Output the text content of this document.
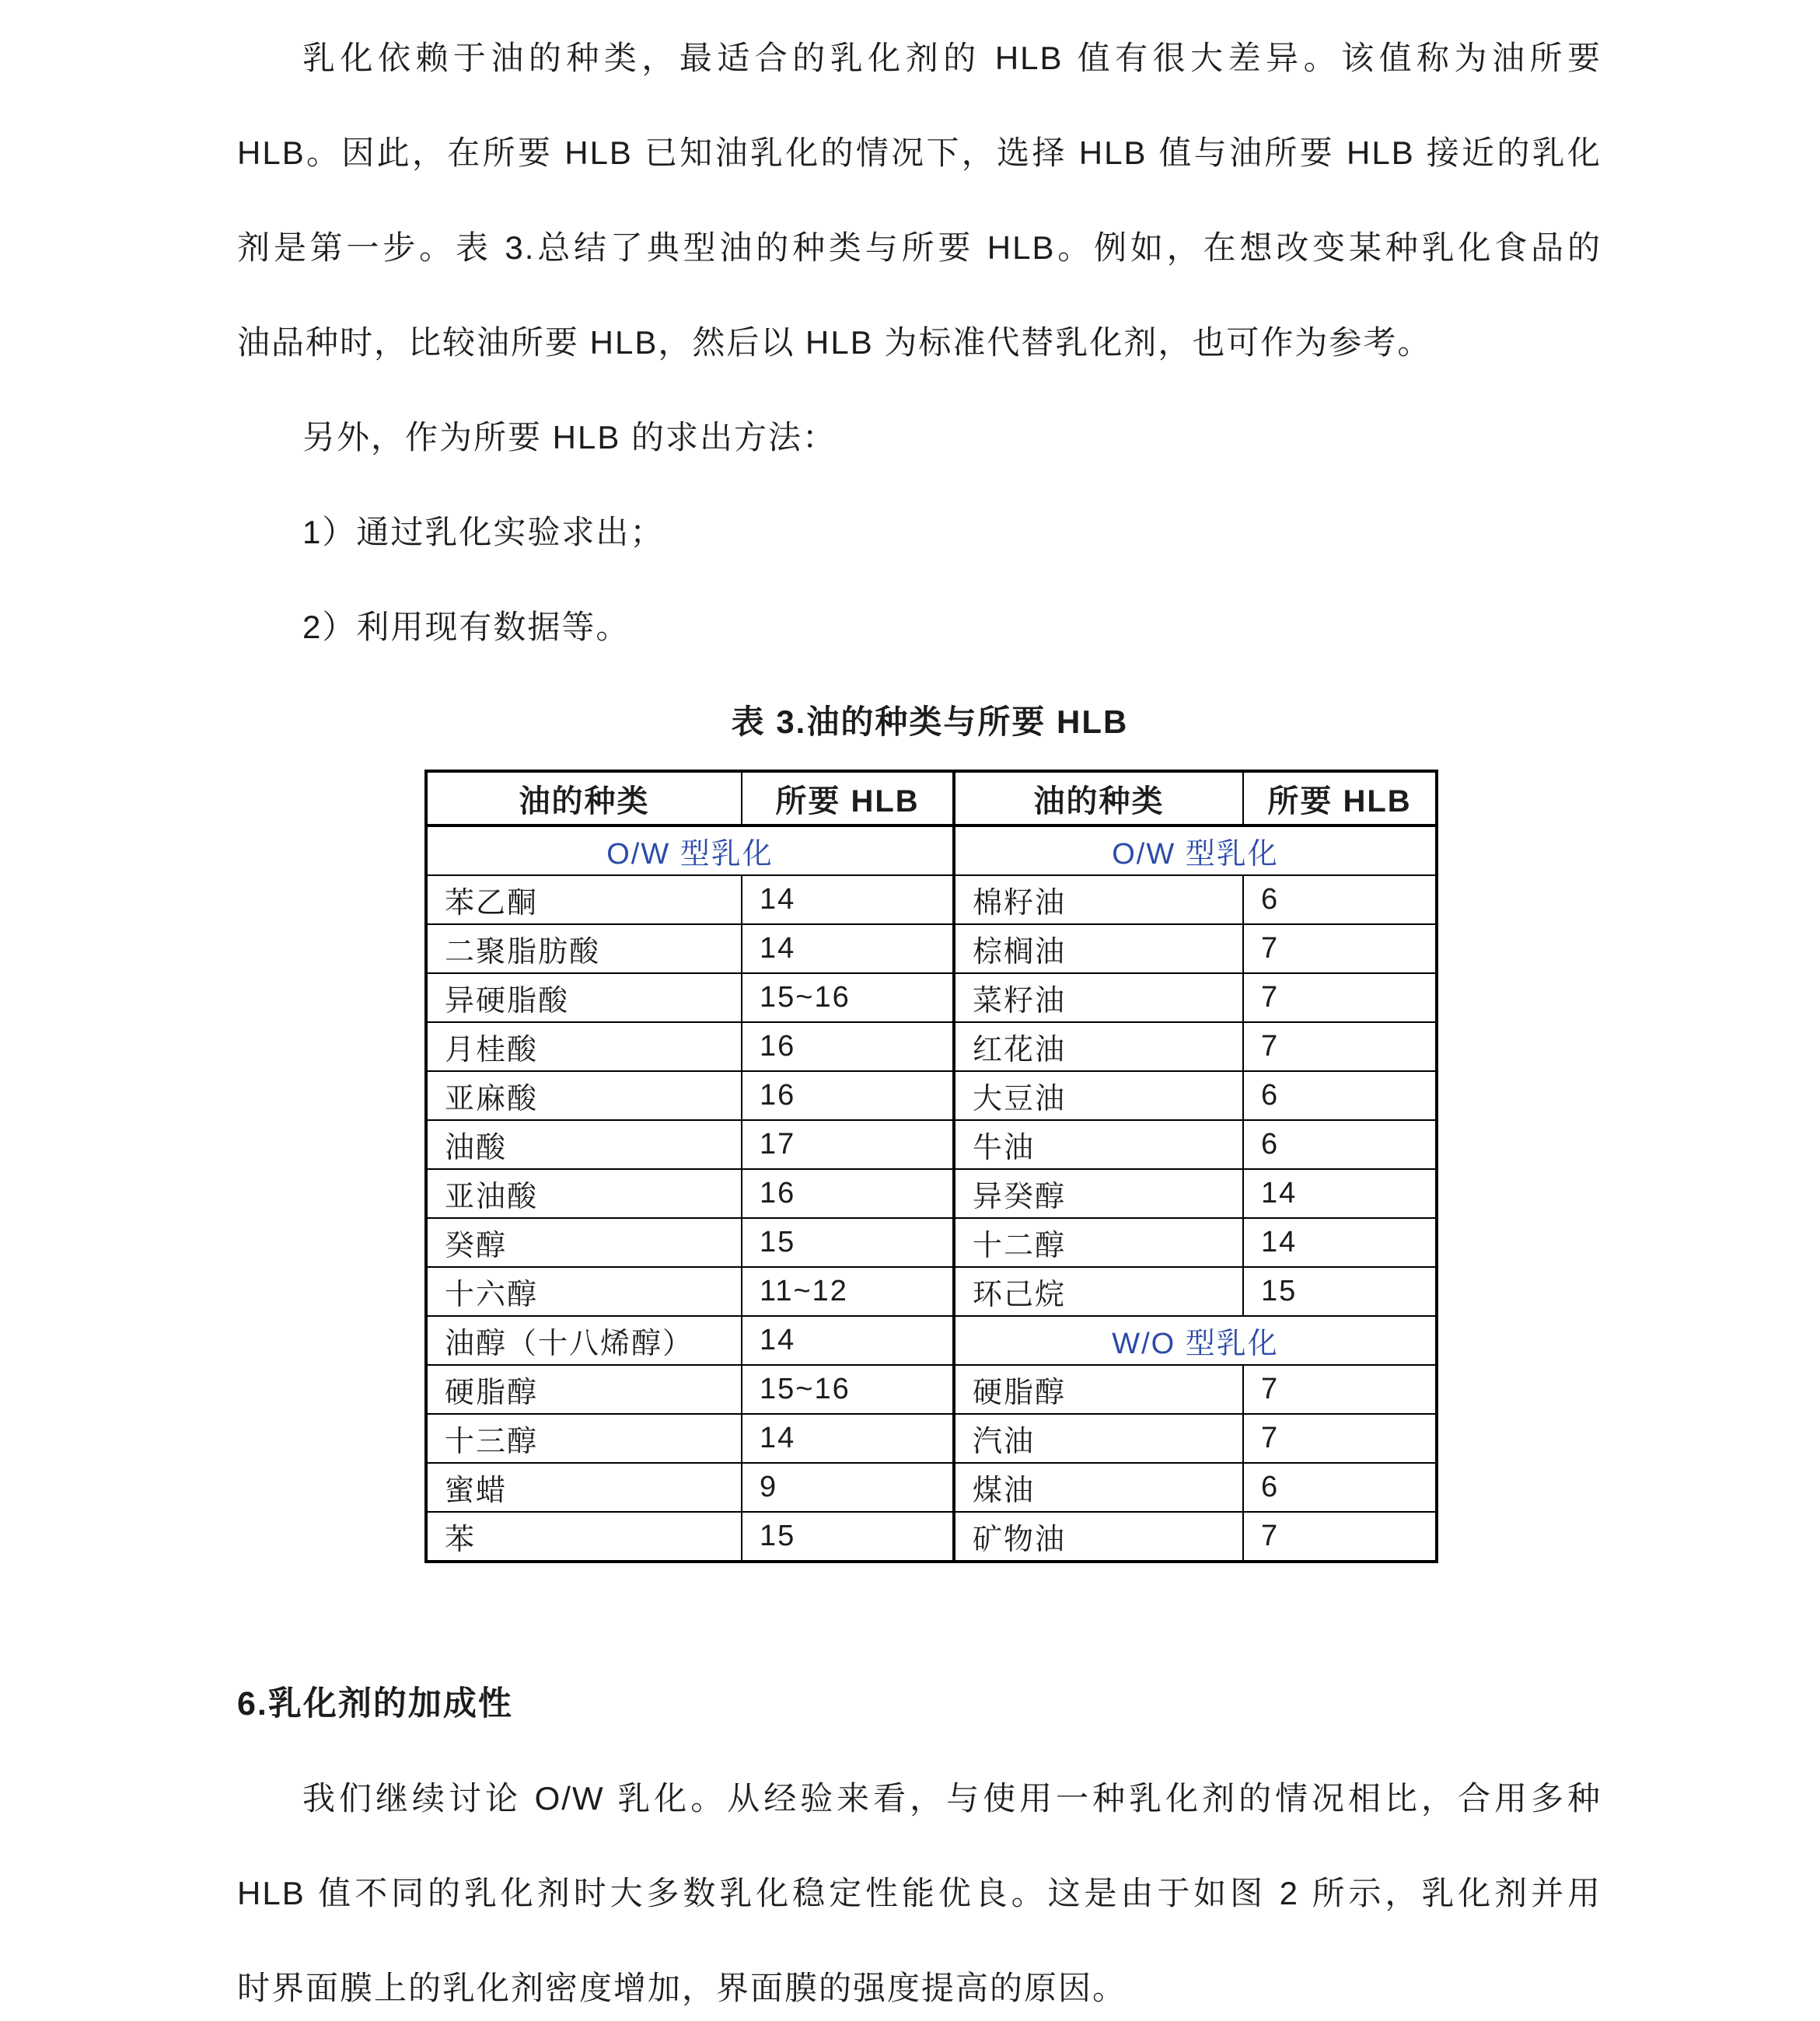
乳化依赖于油的种类，最适合的乳化剂的 HLB 值有很大差异。该值称为油所要
HLB。因此，在所要 HLB 已知油乳化的情况下，选择 HLB 值与油所要 HLB 接近的乳化
剂是第一步。表 3.总结了典型油的种类与所要 HLB。例如，在想改变某种乳化食品的
油品种时，比较油所要 HLB，然后以 HLB 为标准代替乳化剂，也可作为参考。
另外，作为所要 HLB 的求出方法：
1）通过乳化实验求出；
2）利用现有数据等。
表 3.油的种类与所要 HLB
油的种类	所要 HLB	油的种类	所要 HLB
O/W 型乳化		O/W 型乳化	
苯乙酮	14	棉籽油	6
二聚脂肪酸	14	棕榈油	7
异硬脂酸	15~16	菜籽油	7
月桂酸	16	红花油	7
亚麻酸	16	大豆油	6
油酸	17	牛油	6
亚油酸	16	异癸醇	14
癸醇	15	十二醇	14
十六醇	11~12	环己烷	15
油醇（十八烯醇）	14	W/O 型乳化	
硬脂醇	15~16	硬脂醇	7
十三醇	14	汽油	7
蜜蜡	9	煤油	6
苯	15	矿物油	7
6.乳化剂的加成性
我们继续讨论 O/W 乳化。从经验来看，与使用一种乳化剂的情况相比，合用多种
HLB 值不同的乳化剂时大多数乳化稳定性能优良。这是由于如图 2 所示，乳化剂并用
时界面膜上的乳化剂密度增加，界面膜的强度提高的原因。
